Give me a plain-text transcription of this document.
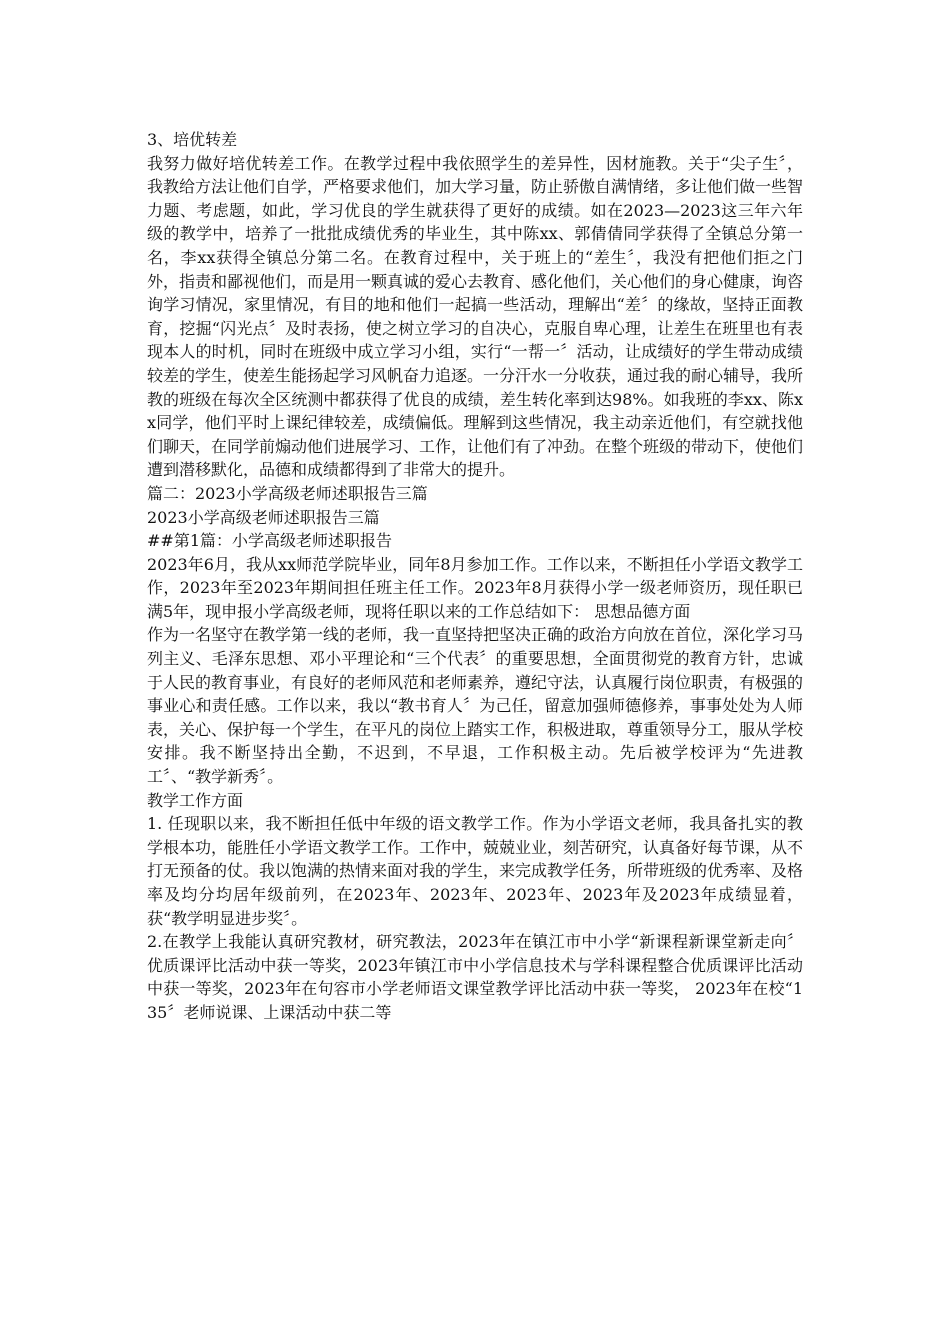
3、培优转差

我努力做好培优转差工作。在教学过程中我依照学生的差异性，因材施教。关于“尖子生〞，我教给方法让他们自学，严格要求他们，加大学习量，防止骄傲自满情绪，多让他们做一些智力题、考虑题，如此，学习优良的学生就获得了更好的成绩。如在2023—2023这三年六年级的教学中，培养了一批批成绩优秀的毕业生，其中陈xx、郭倩倩同学获得了全镇总分第一名，李xx获得全镇总分第二名。在教育过程中，关于班上的“差生〞，我没有把他们拒之门外，指责和鄙视他们，而是用一颗真诚的爱心去教育、感化他们，关心他们的身心健康，询咨询学习情况，家里情况，有目的地和他们一起搞一些活动，理解出“差〞的缘故，坚持正面教育，挖掘“闪光点〞及时表扬，使之树立学习的自决心，克服自卑心理，让差生在班里也有表现本人的时机，同时在班级中成立学习小组，实行“一帮一〞活动，让成绩好的学生带动成绩较差的学生，使差生能扬起学习风帆奋力追逐。一分汗水一分收获，通过我的耐心辅导，我所教的班级在每次全区统测中都获得了优良的成绩，差生转化率到达98%。如我班的李xx、陈xx同学，他们平时上课纪律较差，成绩偏低。理解到这些情况，我主动亲近他们，有空就找他们聊天，在同学前煽动他们进展学习、工作，让他们有了冲劲。在整个班级的带动下，使他们遭到潜移默化，品德和成绩都得到了非常大的提升。

篇二：2023小学高级老师述职报告三篇

2023小学高级老师述职报告三篇

##第1篇：小学高级老师述职报告

2023年6月，我从xx师范学院毕业，同年8月参加工作。工作以来，不断担任小学语文教学工作，2023年至2023年期间担任班主任工作。2023年8月获得小学一级老师资历，现任职已满5年，现申报小学高级老师，现将任职以来的工作总结如下： 思想品德方面

作为一名坚守在教学第一线的老师，我一直坚持把坚决正确的政治方向放在首位，深化学习马列主义、毛泽东思想、邓小平理论和“三个代表〞的重要思想，全面贯彻党的教育方针，忠诚于人民的教育事业，有良好的老师风范和老师素养，遵纪守法，认真履行岗位职责，有极强的事业心和责任感。工作以来，我以“教书育人〞为己任，留意加强师德修养，事事处处为人师表，关心、保护每一个学生，在平凡的岗位上踏实工作，积极进取，尊重领导分工，服从学校安排。我不断坚持出全勤，不迟到，不早退，工作积极主动。先后被学校评为“先进教工〞、“教学新秀〞。

教学工作方面

1. 任现职以来，我不断担任低中年级的语文教学工作。作为小学语文老师，我具备扎实的教学根本功，能胜任小学语文教学工作。工作中，兢兢业业，刻苦研究，认真备好每节课，从不打无预备的仗。我以饱满的热情来面对我的学生，来完成教学任务，所带班级的优秀率、及格率及均分均居年级前列，在2023年、2023年、2023年、2023年及2023年成绩显着，获“教学明显进步奖〞。

2.在教学上我能认真研究教材，研究教法，2023年在镇江市中小学“新课程新课堂新走向〞优质课评比活动中获一等奖，2023年镇江市中小学信息技术与学科课程整合优质课评比活动中获一等奖，2023年在句容市小学老师语文课堂教学评比活动中获一等奖， 2023年在校“135〞老师说课、上课活动中获二等
